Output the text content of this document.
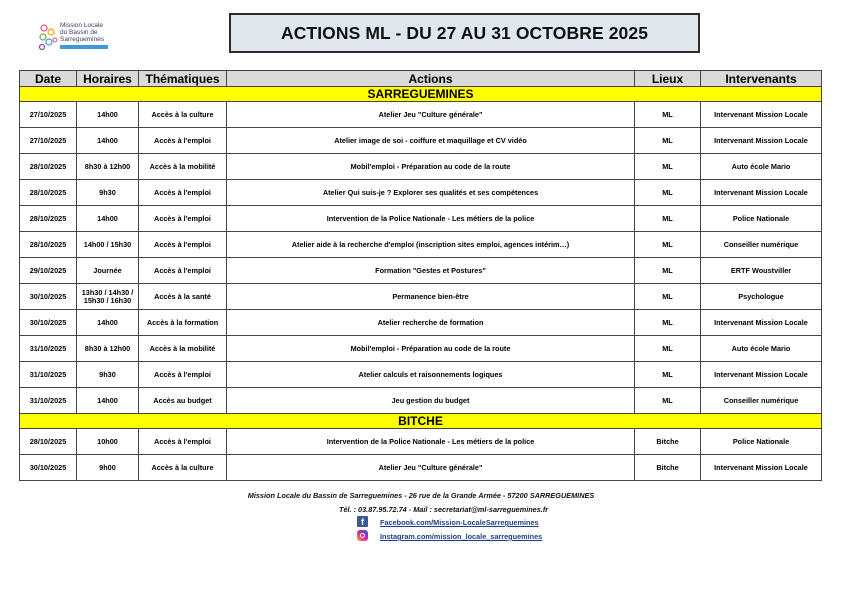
Mission Locale
du Bassin de
Sarreguemines	ACTIONS ML - DU 27 AU 31 OCTOBRE 2025
Date	Horaires	Thématiques	Actions	Lieux	Intervenants
SARREGUEMINES					
27/10/2025	14h00	Accès à la culture	Atelier Jeu "Culture générale"	ML	Intervenant Mission Locale
27/10/2025	14h00	Accès à l'emploi	Atelier image de soi - coiffure et maquillage et CV vidéo	ML	Intervenant Mission Locale
28/10/2025	8h30 à 12h00	Accès à la mobilité	Mobil'emploi - Préparation au code de la route	ML	Auto école Mario
28/10/2025	9h30	Accès à l'emploi	Atelier Qui suis-je ? Explorer ses qualités et ses compétences	ML	Intervenant Mission Locale
28/10/2025	14h00	Accès à l'emploi	Intervention de la Police Nationale - Les métiers de la police	ML	Police Nationale
28/10/2025	14h00 / 15h30	Accès à l'emploi	Atelier aide à la recherche d'emploi (inscription sites emploi, agences intérim…)	ML	Conseiller numérique
29/10/2025	Journée	Accès à l'emploi	Formation "Gestes et Postures"	ML	ERTF Woustviller
30/10/2025	13h30 / 14h30 /
15h30 / 16h30	Accès à la santé	Permanence bien-être	ML	Psychologue
30/10/2025	14h00	Accès à la formation	Atelier recherche de formation	ML	Intervenant Mission Locale
31/10/2025	8h30 à 12h00	Accès à la mobilité	Mobil'emploi - Préparation au code de la route	ML	Auto école Mario
31/10/2025	9h30	Accès à l'emploi	Atelier calculs et raisonnements logiques	ML	Intervenant Mission Locale
31/10/2025	14h00	Accès au budget	Jeu gestion du budget	ML	Conseiller numérique
BITCHE					
28/10/2025	10h00	Accès à l'emploi	Intervention de la Police Nationale - Les métiers de la police	Bitche	Police Nationale
30/10/2025	9h00	Accès à la culture	Atelier Jeu "Culture générale"	Bitche	Intervenant Mission Locale
Mission Locale du Bassin de Sarreguemines - 26 rue de la Grande Armée - 57200 SARREGUEMINES
Tél. : 03.87.95.72.74 - Mail : secretariat@ml-sarreguemines.fr
f	Facebook.com/Mission-LocaleSarreguemines
Instagram.com/mission_locale_sarreguemines
